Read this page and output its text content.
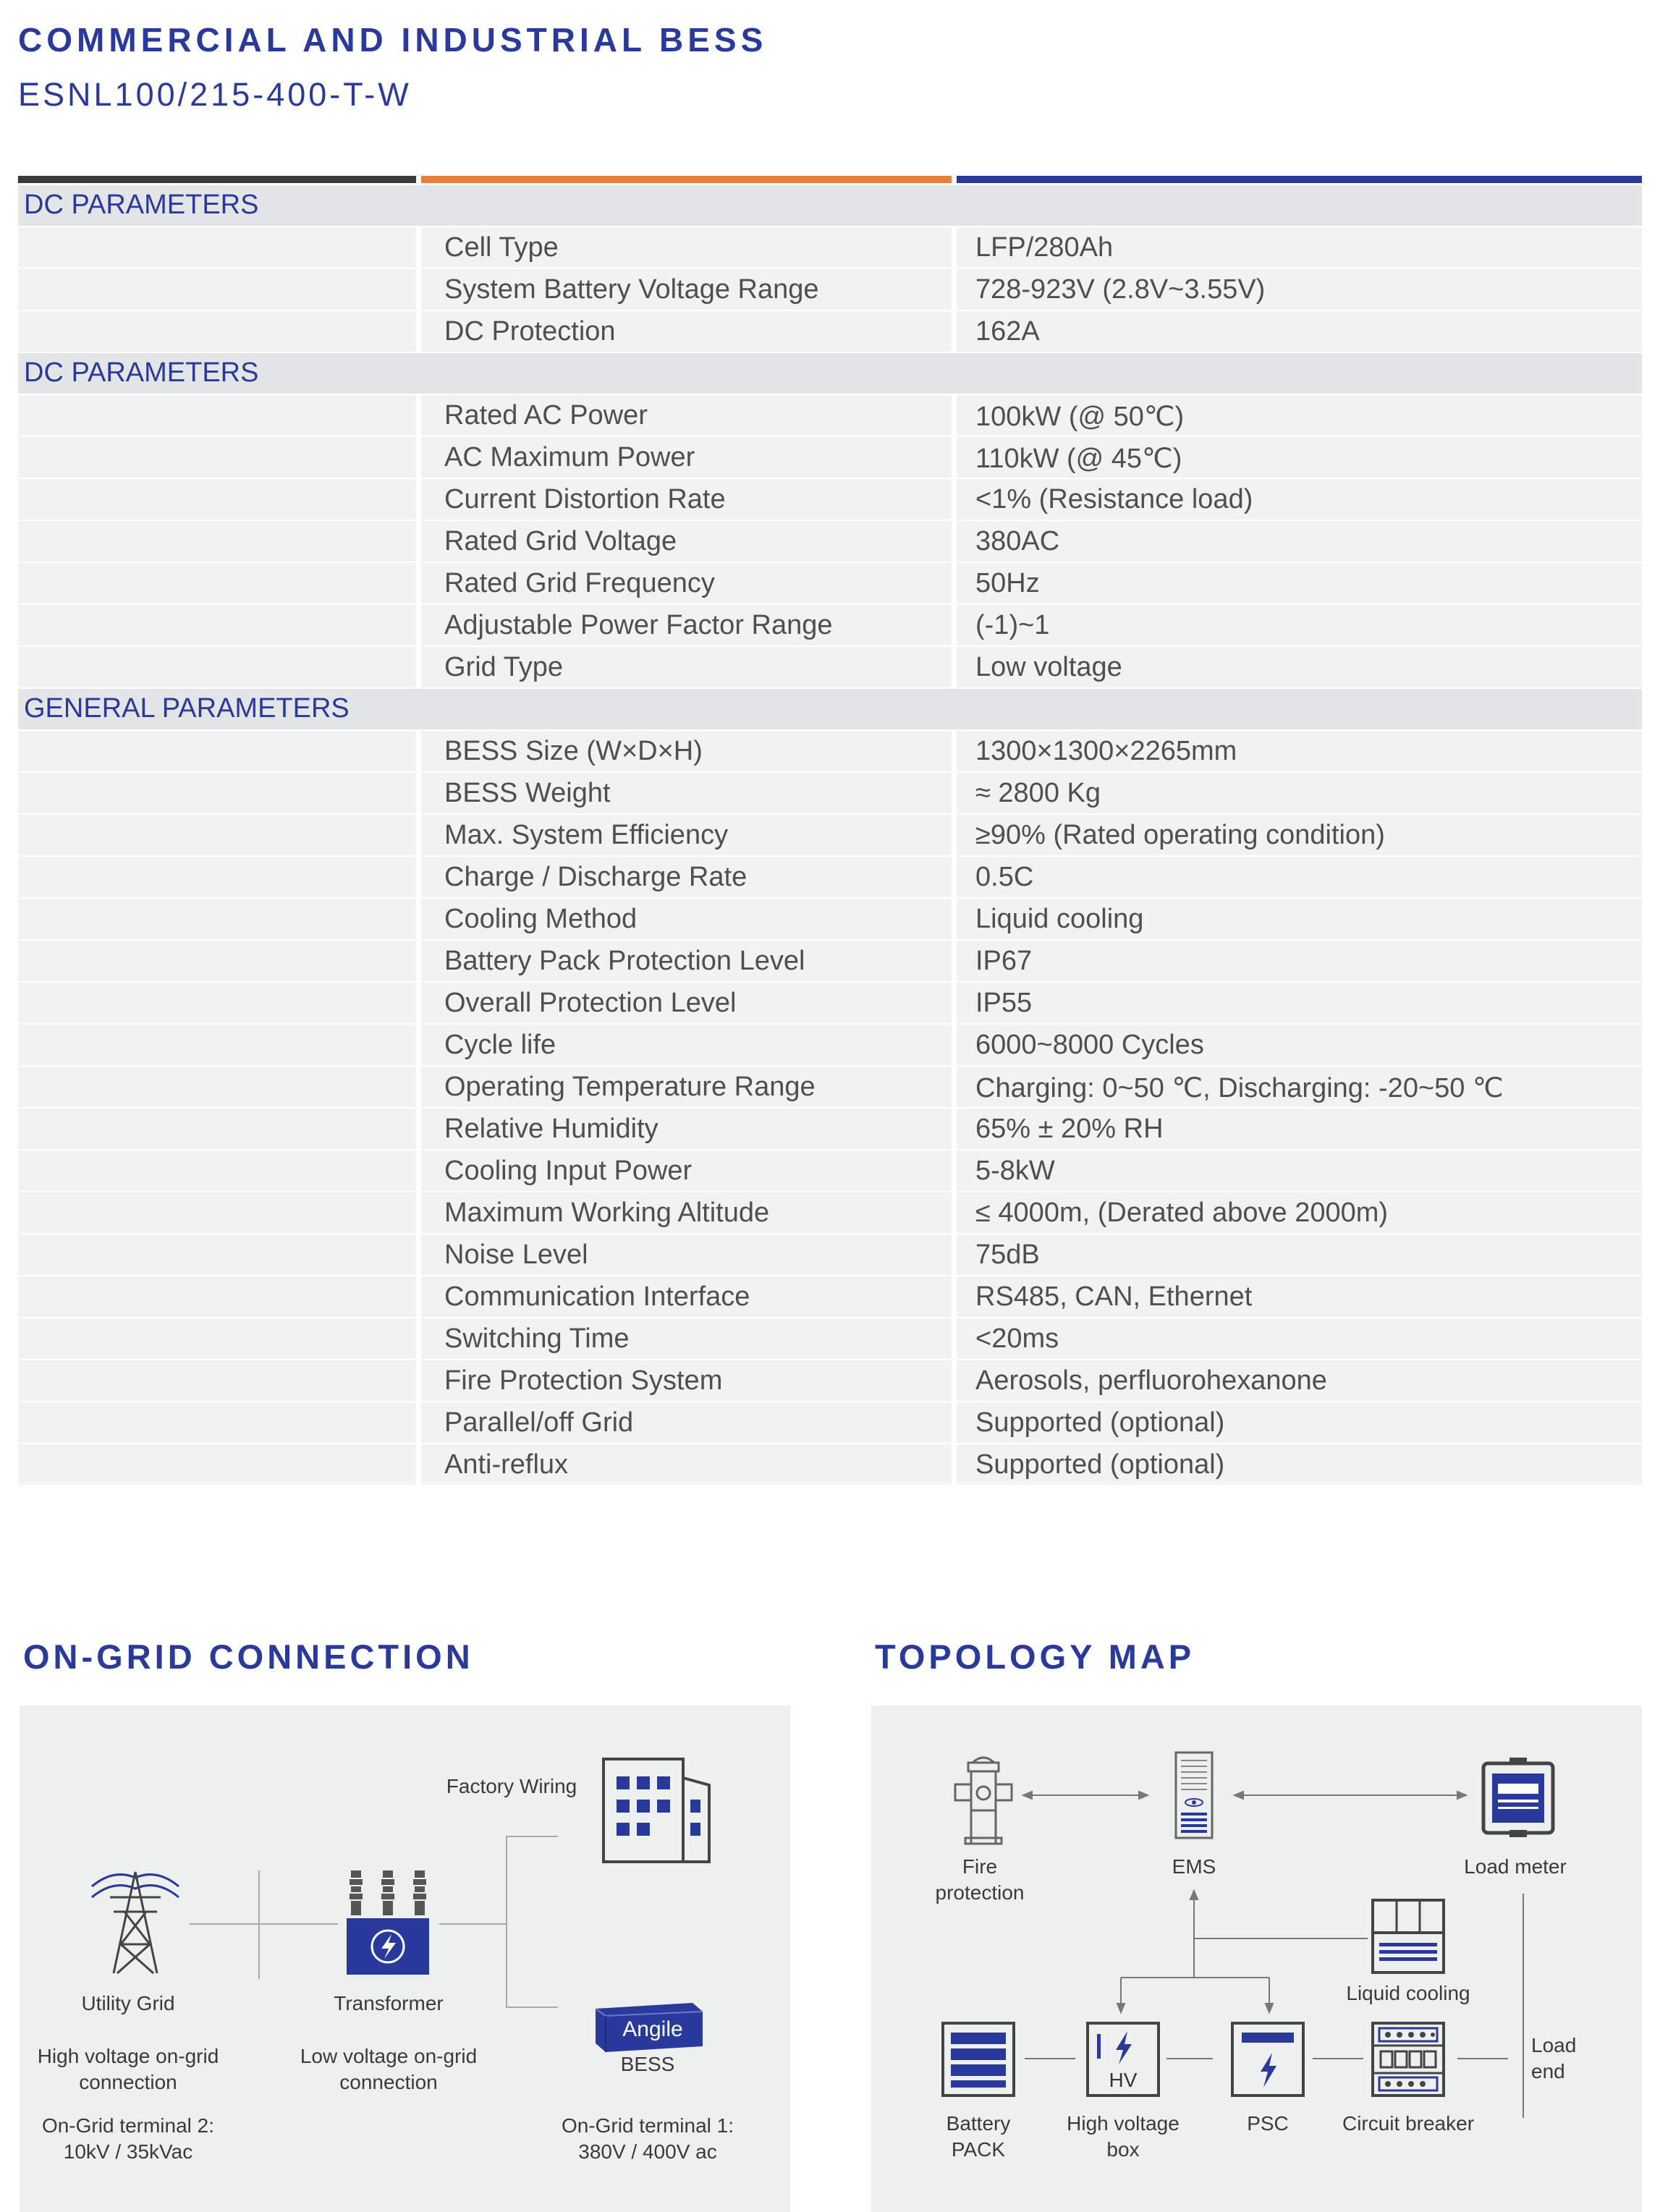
COMMERCIAL AND INDUSTRIAL BESS
ESNL100/215-400-T-W
DC PARAMETERS
Cell Type	LFP/280Ah
System Battery Voltage Range	728-923V (2.8V~3.55V)
DC Protection	162A
DC PARAMETERS
Rated AC Power	100kW (@ 50℃)
AC Maximum Power	110kW (@ 45℃)
Current Distortion Rate	<1% (Resistance load)
Rated Grid Voltage	380AC
Rated Grid Frequency	50Hz
Adjustable Power Factor Range	(-1)~1
Grid Type	Low voltage
GENERAL PARAMETERS
BESS Size (W×D×H)	1300×1300×2265mm
BESS Weight	≈ 2800 Kg
Max. System Efficiency	≥90% (Rated operating condition)
Charge / Discharge Rate	0.5C
Cooling Method	Liquid cooling
Battery Pack Protection Level	IP67
Overall Protection Level	IP55
Cycle life	6000~8000 Cycles
Operating Temperature Range	Charging: 0~50 ℃, Discharging: -20~50 ℃
Relative Humidity	65% ± 20% RH
Cooling Input Power	5-8kW
Maximum Working Altitude	≤ 4000m, (Derated above 2000m)
Noise Level	75dB
Communication Interface	RS485, CAN, Ethernet
Switching Time	<20ms
Fire Protection System	Aerosols, perfluorohexanone
Parallel/off Grid	Supported (optional)
Anti-reflux	Supported (optional)
ON-GRID CONNECTION
Utility Grid	Transformer
Factory Wiring
Angile
BESS
High voltage on-grid
connection
Low voltage on-grid
connection
On-Grid terminal 2:
10kV / 35kVac
On-Grid terminal 1:
380V / 400V ac
TOPOLOGY MAP
Fire
protection
EMS	Load meter
Liquid cooling
Load
end
Battery
PACK
HV
High voltage
box
PSC	Circuit breaker
